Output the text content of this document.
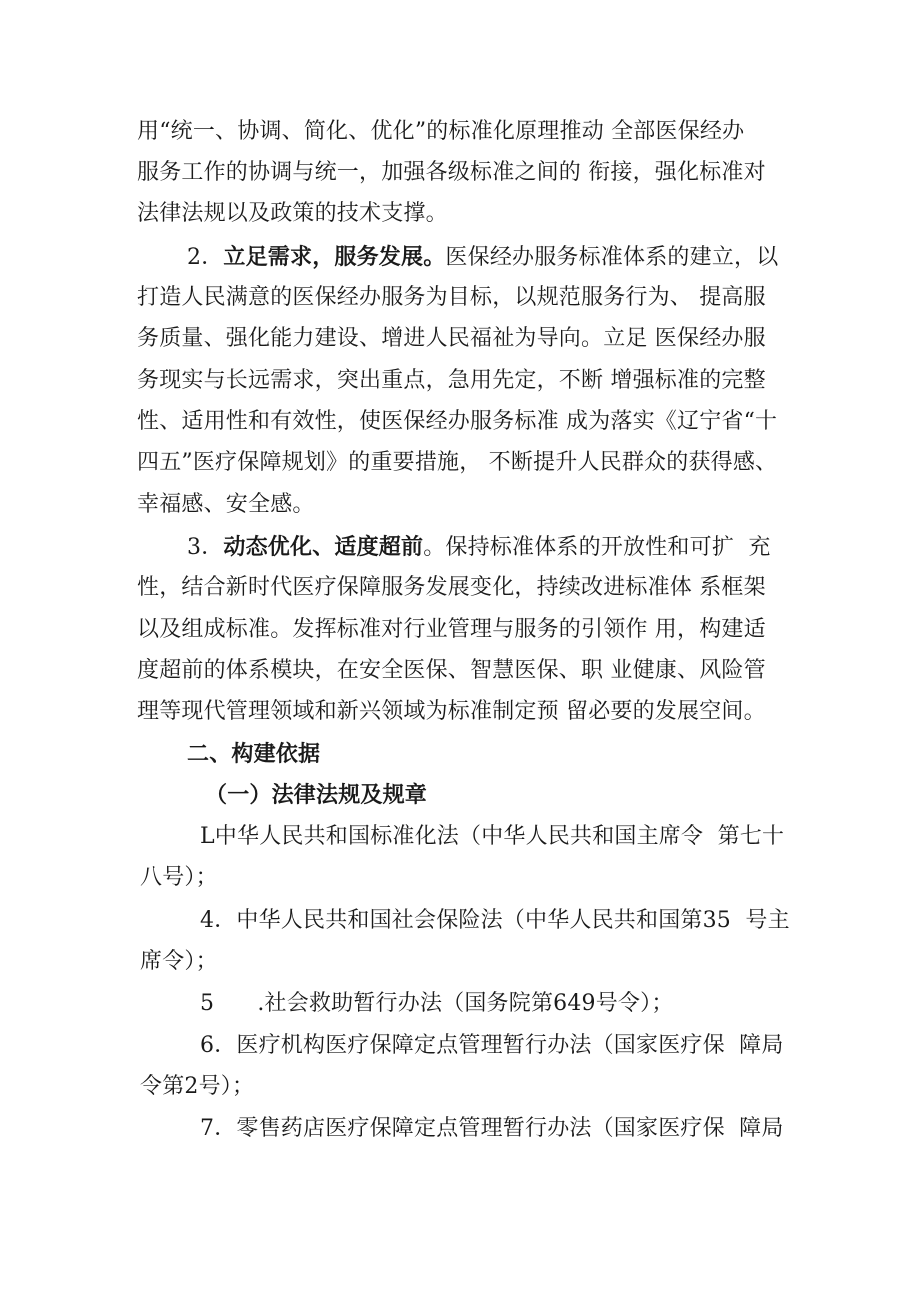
用“统一、协调、简化、优化”的标准化原理推动 全部医保经办
服务工作的协调与统一，加强各级标准之间的 衔接，强化标准对
法律法规以及政策的技术支撑。
2．立足需求，服务发展。医保经办服务标准体系的建立，以
打造人民满意的医保经办服务为目标，以规范服务行为、 提高服
务质量、强化能力建设、增进人民福祉为导向。立足 医保经办服
务现实与长远需求，突出重点，急用先定，不断 增强标准的完整
性、适用性和有效性，使医保经办服务标准 成为落实《辽宁省“十
四五”医疗保障规划》的重要措施， 不断提升人民群众的获得感、
幸福感、安全感。
3．动态优化、适度超前。保持标准体系的开放性和可扩  充
性，结合新时代医疗保障服务发展变化，持续改进标准体 系框架
以及组成标准。发挥标准对行业管理与服务的引领作 用，构建适
度超前的体系模块，在安全医保、智慧医保、职 业健康、风险管
理等现代管理领域和新兴领域为标准制定预 留必要的发展空间。
二、构建依据
（一）法律法规及规章
L中华人民共和国标准化法（中华人民共和国主席令  第七十
八号）；
4．中华人民共和国社会保险法（中华人民共和国第35  号主
席令）；
5      .社会救助暂行办法（国务院第649号令）；
6．医疗机构医疗保障定点管理暂行办法（国家医疗保  障局
令第2号）；
7．零售药店医疗保障定点管理暂行办法（国家医疗保  障局
